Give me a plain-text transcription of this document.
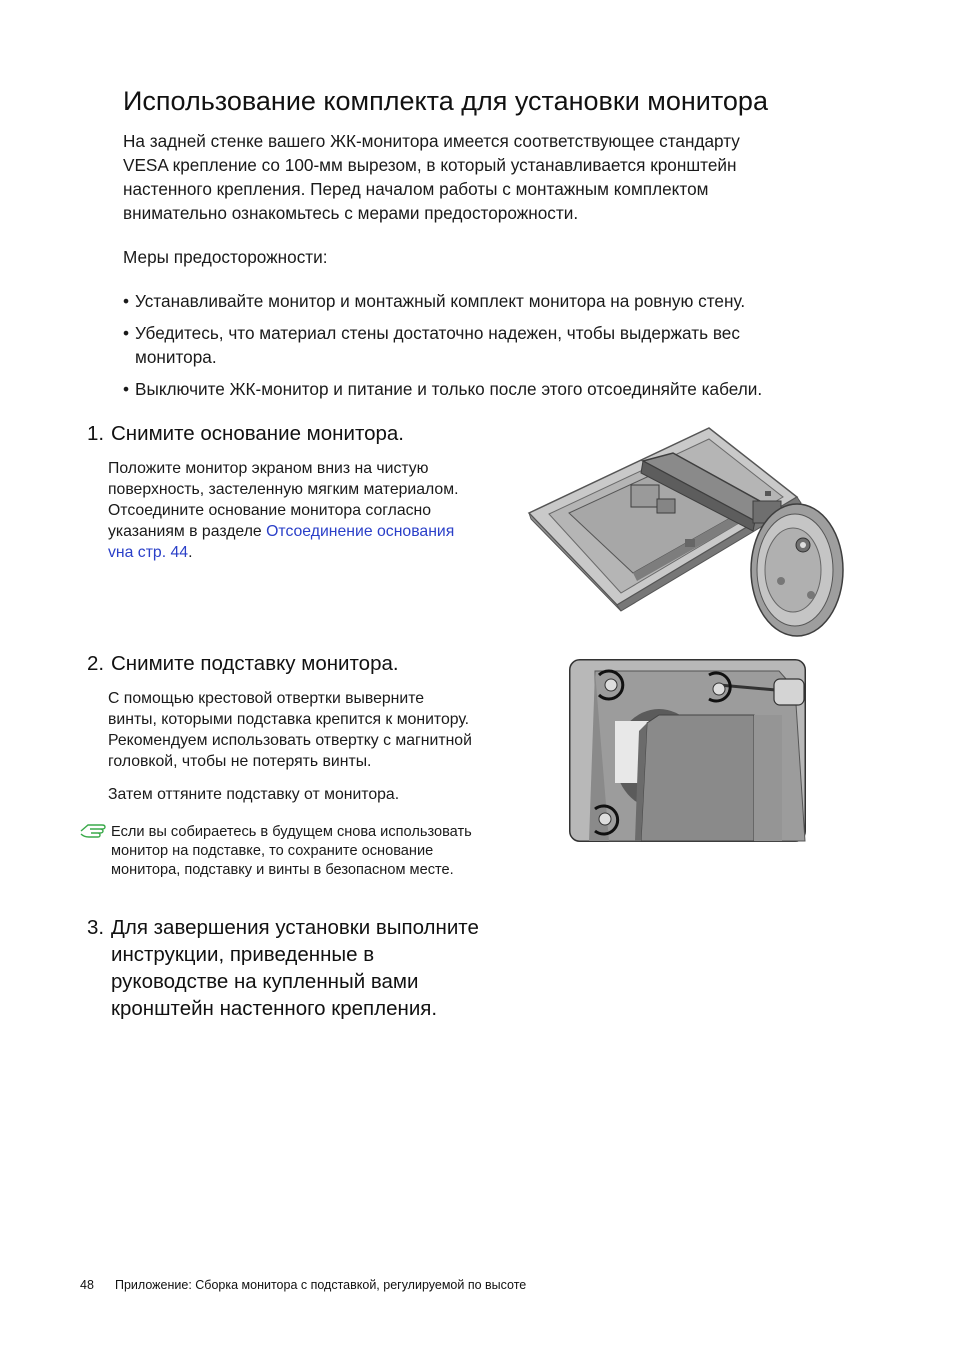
Использование комплекта для установки монитора
На задней стенке вашего ЖК-монитора имеется соответствующее стандарту
VESA крепление со 100-мм вырезом, в который устанавливается кронштейн
настенного крепления. Перед началом работы с монтажным комплектом
внимательно ознакомьтесь с мерами предосторожности.
Меры предосторожности:
• Устанавливайте монитор и монтажный комплект монитора на ровную стену.
• Убедитесь, что материал стены достаточно надежен, чтобы выдержать вес
монитора.
• Выключите ЖК-монитор и питание и только после этого отсоединяйте кабели.
1. Снимите основание монитора.
Положите монитор экраном вниз на чистую
поверхность, застеленную мягким материалом.
Отсоедините основание монитора согласно
указаниям в разделе Отсоединение основания
vна стр. 44.
2. Снимите подставку монитора.
С помощью крестовой отвертки выверните
винты, которыми подставка крепится к монитору.
Рекомендуем использовать отвертку с магнитной
головкой, чтобы не потерять винты.
Затем оттяните подставку от монитора.
Если вы собираетесь в будущем снова использовать
монитор на подставке, то сохраните основание
монитора, подставку и винты в безопасном месте.
3. Для завершения установки выполните
инструкции, приведенные в
руководстве на купленный вами
кронштейн настенного крепления.
48 Приложение: Сборка монитора с подставкой, регулируемой по высоте
